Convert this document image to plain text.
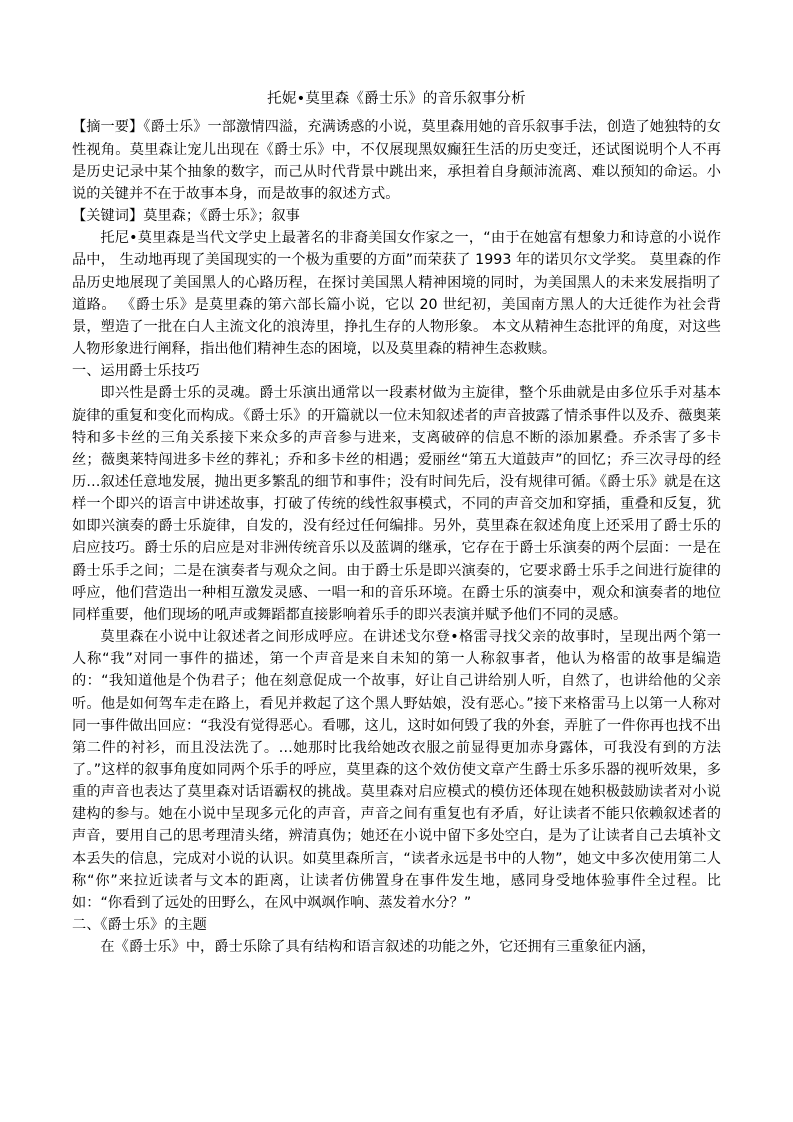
托妮•莫里森《爵士乐》的音乐叙事分析

【摘一要】《爵士乐》一部激情四溢，充满诱惑的小说，莫里森用她的音乐叙事手法，创造了她独特的女性视角。莫里森让宠儿出现在《爵士乐》中，不仅展现黑奴癫狂生活的历史变迁，还试图说明个人不再是历史记录中某个抽象的数字，而己从时代背景中跳出来，承担着自身颠沛流离、难以预知的命运。小说的关键并不在于故事本身，而是故事的叙述方式。

【关键词】莫里森；《爵士乐》；叙事

托尼•莫里森是当代文学史上最著名的非裔美国女作家之一，“由于在她富有想象力和诗意的小说作品中， 生动地再现了美国现实的一个极为重要的方面”而荣获了 1993 年的诺贝尔文学奖。 莫里森的作品历史地展现了美国黑人的心路历程，在探讨美国黑人精神困境的同时，为美国黑人的未来发展指明了道路。 《爵士乐》是莫里森的第六部长篇小说，它以 20 世纪初，美国南方黑人的大迁徙作为社会背景，塑造了一批在白人主流文化的浪涛里，挣扎生存的人物形象。 本文从精神生态批评的角度，对这些人物形象进行阐释，指出他们精神生态的困境，以及莫里森的精神生态救赎。

一、运用爵士乐技巧

即兴性是爵士乐的灵魂。爵士乐演出通常以一段素材做为主旋律，整个乐曲就是由多位乐手对基本旋律的重复和变化而构成。《爵士乐》的开篇就以一位未知叙述者的声音披露了情杀事件以及乔、薇奥莱特和多卡丝的三角关系接下来众多的声音参与进来，支离破碎的信息不断的添加累叠。乔杀害了多卡丝；薇奥莱特闯进多卡丝的葬礼；乔和多卡丝的相遇；爱丽丝“第五大道鼓声”的回忆；乔三次寻母的经历…叙述任意地发展，抛出更多繁乱的细节和事件；没有时间先后，没有规律可循。《爵士乐》就是在这样一个即兴的语言中讲述故事，打破了传统的线性叙事模式，不同的声音交加和穿插，重叠和反复，犹如即兴演奏的爵士乐旋律，自发的，没有经过任何编排。另外，莫里森在叙述角度上还采用了爵士乐的启应技巧。爵士乐的启应是对非洲传统音乐以及蓝调的继承，它存在于爵士乐演奏的两个层面：一是在爵士乐手之间；二是在演奏者与观众之间。由于爵士乐是即兴演奏的，它要求爵士乐手之间进行旋律的呼应，他们营造出一种相互激发灵感、一唱一和的音乐环境。在爵士乐的演奏中，观众和演奏者的地位同样重要，他们现场的吼声或舞蹈都直接影响着乐手的即兴表演并赋予他们不同的灵感。

莫里森在小说中让叙述者之间形成呼应。在讲述戈尔登•格雷寻找父亲的故事时，呈现出两个第一人称“我”对同一事件的描述，第一个声音是来自未知的第一人称叙事者，他认为格雷的故事是编造的：“我知道他是个伪君子；他在刻意促成一个故事，好让自己讲给别人听，自然了，也讲给他的父亲听。他是如何驾车走在路上，看见并救起了这个黑人野姑娘，没有恶心。”接下来格雷马上以第一人称对同一事件做出回应：“我没有觉得恶心。看哪，这儿，这时如何毁了我的外套，弄脏了一件你再也找不出第二件的衬衫，而且没法洗了。…她那时比我给她改衣服之前显得更加赤身露体，可我没有到的方法了。”这样的叙事角度如同两个乐手的呼应，莫里森的这个效仿使文章产生爵士乐多乐器的视听效果，多重的声音也表达了莫里森对话语霸权的挑战。莫里森对启应模式的模仿还体现在她积极鼓励读者对小说建构的参与。她在小说中呈现多元化的声音，声音之间有重复也有矛盾，好让读者不能只依赖叙述者的声音，要用自己的思考理清头绪，辨清真伪；她还在小说中留下多处空白，是为了让读者自己去填补文本丢失的信息，完成对小说的认识。如莫里森所言，“读者永远是书中的人物”，她文中多次使用第二人称“你”来拉近读者与文本的距离，让读者仿佛置身在事件发生地，感同身受地体验事件全过程。比如：“你看到了远处的田野么，在风中飒飒作响、蒸发着水分？”

二、《爵士乐》的主题

在《爵士乐》中，爵士乐除了具有结构和语言叙述的功能之外，它还拥有三重象征内涵，
